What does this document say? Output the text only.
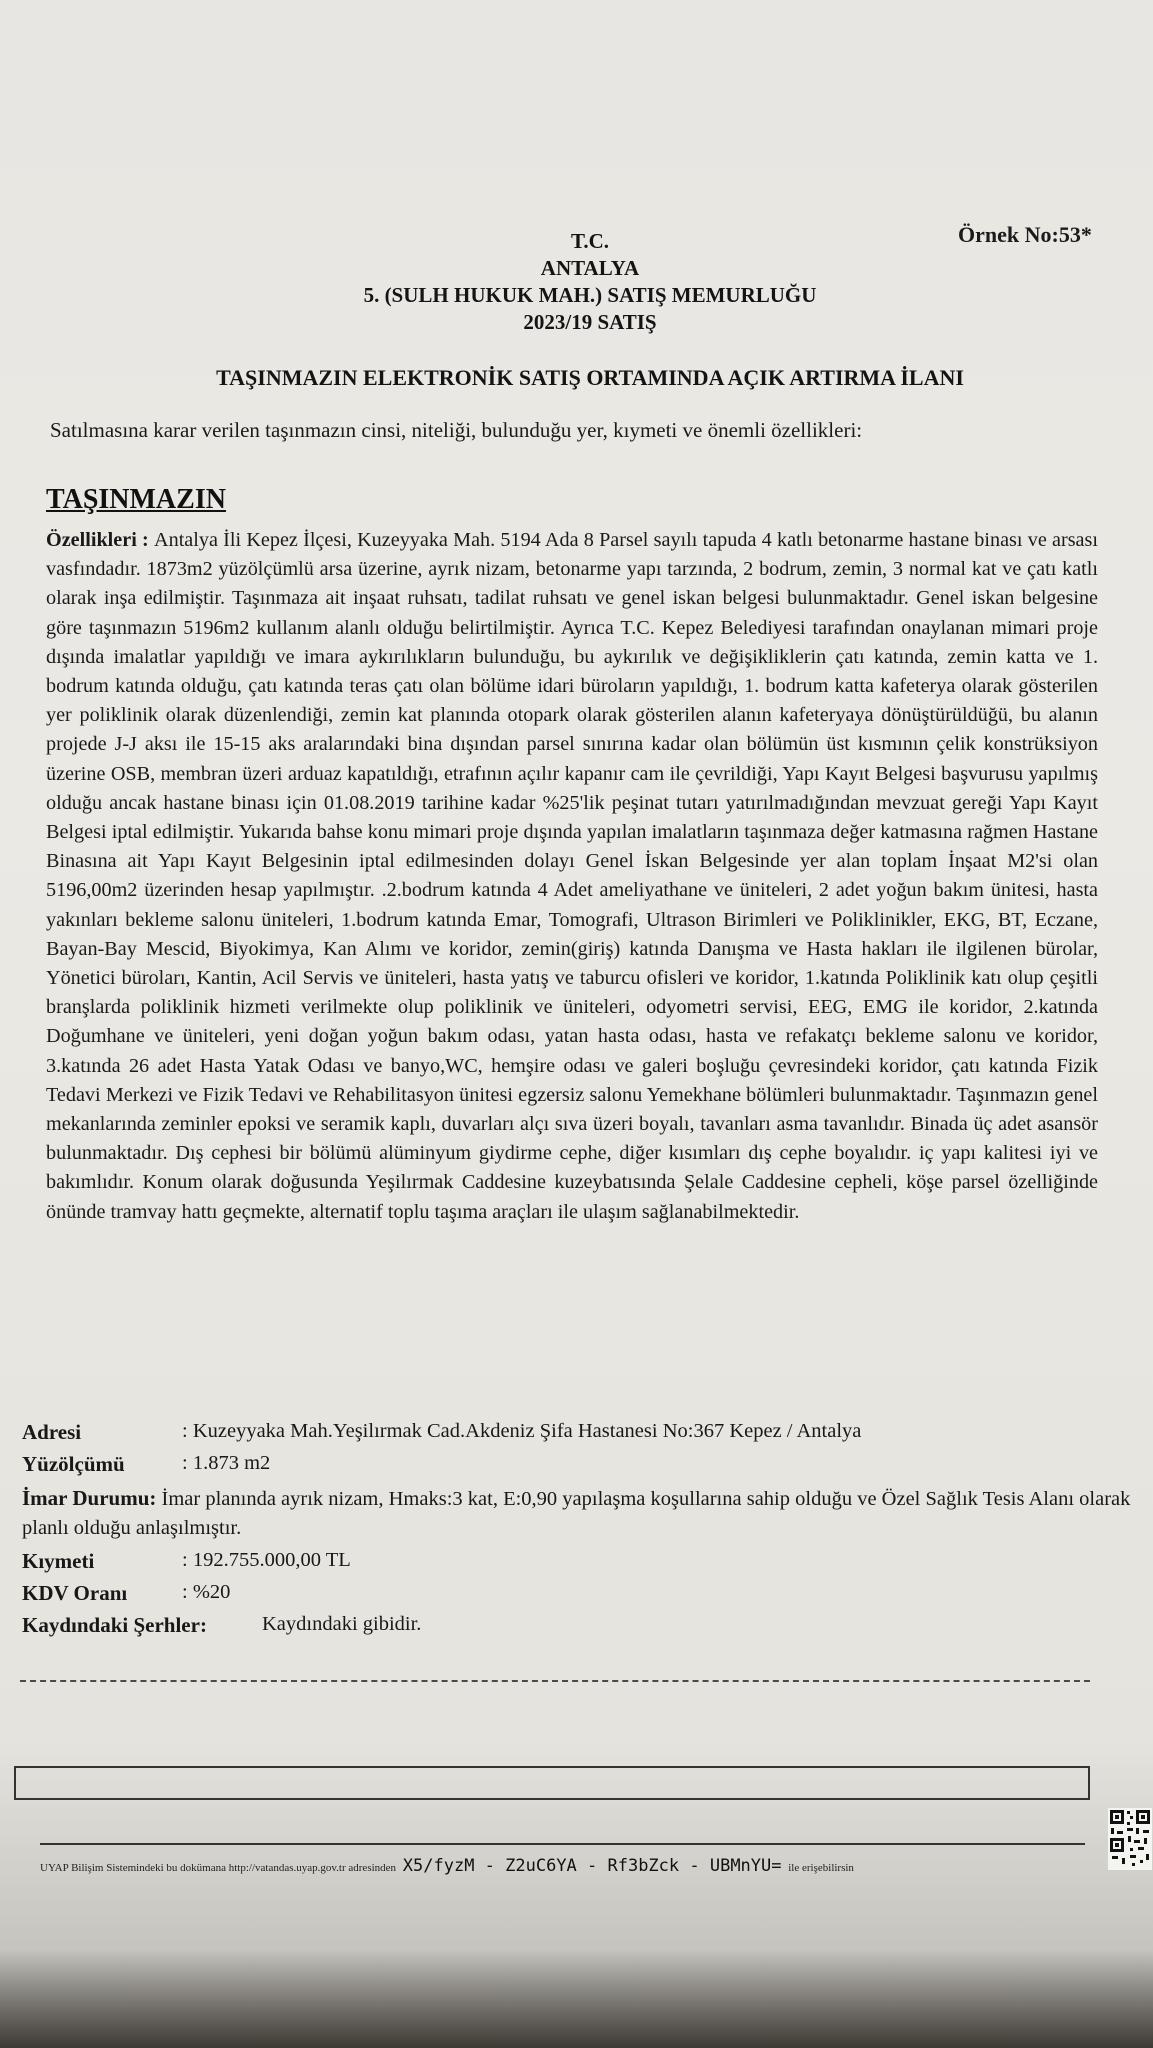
Örnek No:53*
T.C.
ANTALYA
5. (SULH HUKUK MAH.) SATIŞ MEMURLUĞU
2023/19 SATIŞ
TAŞINMAZIN ELEKTRONİK SATIŞ ORTAMINDA AÇIK ARTIRMA İLANI
Satılmasına karar verilen taşınmazın cinsi, niteliği, bulunduğu yer, kıymeti ve önemli özellikleri:
TAŞINMAZIN
Özellikleri : Antalya İli Kepez İlçesi, Kuzeyyaka Mah. 5194 Ada 8 Parsel sayılı tapuda 4 katlı betonarme hastane binası ve arsası vasfındadır. 1873m2 yüzölçümlü arsa üzerine, ayrık nizam, betonarme yapı tarzında, 2 bodrum, zemin, 3 normal kat ve çatı katlı olarak inşa edilmiştir. Taşınmaza ait inşaat ruhsatı, tadilat ruhsatı ve genel iskan belgesi bulunmaktadır. Genel iskan belgesine göre taşınmazın 5196m2 kullanım alanlı olduğu belirtilmiştir. Ayrıca T.C. Kepez Belediyesi tarafından onaylanan mimari proje dışında imalatlar yapıldığı ve imara aykırılıkların bulunduğu, bu aykırılık ve değişikliklerin çatı katında, zemin katta ve 1. bodrum katında olduğu, çatı katında teras çatı olan bölüme idari büroların yapıldığı, 1. bodrum katta kafeterya olarak gösterilen yer poliklinik olarak düzenlendiği, zemin kat planında otopark olarak gösterilen alanın kafeteryaya dönüştürüldüğü, bu alanın projede J-J aksı ile 15-15 aks aralarındaki bina dışından parsel sınırına kadar olan bölümün üst kısmının çelik konstrüksiyon üzerine OSB, membran üzeri arduaz kapatıldığı, etrafının açılır kapanır cam ile çevrildiği, Yapı Kayıt Belgesi başvurusu yapılmış olduğu ancak hastane binası için 01.08.2019 tarihine kadar %25'lik peşinat tutarı yatırılmadığından mevzuat gereği Yapı Kayıt Belgesi iptal edilmiştir. Yukarıda bahse konu mimari proje dışında yapılan imalatların taşınmaza değer katmasına rağmen Hastane Binasına ait Yapı Kayıt Belgesinin iptal edilmesinden dolayı Genel İskan Belgesinde yer alan toplam İnşaat M2'si olan 5196,00m2 üzerinden hesap yapılmıştır. .2.bodrum katında 4 Adet ameliyathane ve üniteleri, 2 adet yoğun bakım ünitesi, hasta yakınları bekleme salonu üniteleri, 1.bodrum katında Emar, Tomografi, Ultrason Birimleri ve Poliklinikler, EKG, BT, Eczane, Bayan-Bay Mescid, Biyokimya, Kan Alımı ve koridor, zemin(giriş) katında Danışma ve Hasta hakları ile ilgilenen bürolar, Yönetici büroları, Kantin, Acil Servis ve üniteleri, hasta yatış ve taburcu ofisleri ve koridor, 1.katında Poliklinik katı olup çeşitli branşlarda poliklinik hizmeti verilmekte olup poliklinik ve üniteleri, odyometri servisi, EEG, EMG ile koridor, 2.katında Doğumhane ve üniteleri, yeni doğan yoğun bakım odası, yatan hasta odası, hasta ve refakatçı bekleme salonu ve koridor, 3.katında 26 adet Hasta Yatak Odası ve banyo,WC, hemşire odası ve galeri boşluğu çevresindeki koridor, çatı katında Fizik Tedavi Merkezi ve Fizik Tedavi ve Rehabilitasyon ünitesi egzersiz salonu Yemekhane bölümleri bulunmaktadır. Taşınmazın genel mekanlarında zeminler epoksi ve seramik kaplı, duvarları alçı sıva üzeri boyalı, tavanları asma tavanlıdır. Binada üç adet asansör bulunmaktadır. Dış cephesi bir bölümü alüminyum giydirme cephe, diğer kısımları dış cephe boyalıdır. iç yapı kalitesi iyi ve bakımlıdır. Konum olarak doğusunda Yeşilırmak Caddesine kuzeybatısında Şelale Caddesine cepheli, köşe parsel özelliğinde önünde tramvay hattı geçmekte, alternatif toplu taşıma araçları ile ulaşım sağlanabilmektedir.
Adresi	: Kuzeyyaka Mah.Yeşilırmak Cad.Akdeniz Şifa Hastanesi No:367 Kepez / Antalya
Yüzölçümü	: 1.873 m2
İmar Durumu: İmar planında ayrık nizam, Hmaks:3 kat, E:0,90 yapılaşma koşullarına sahip olduğu ve Özel Sağlık Tesis Alanı olarak planlı olduğu anlaşılmıştır.
Kıymeti	: 192.755.000,00 TL
KDV Oranı	: %20
Kaydındaki Şerhler:	Kaydındaki gibidir.
UYAP Bilişim Sistemindeki bu dokümana http://vatandas.uyap.gov.tr adresinden X5/fyzM - Z2uC6YA - Rf3bZck - UBMnYU= ile erişebilirsin
